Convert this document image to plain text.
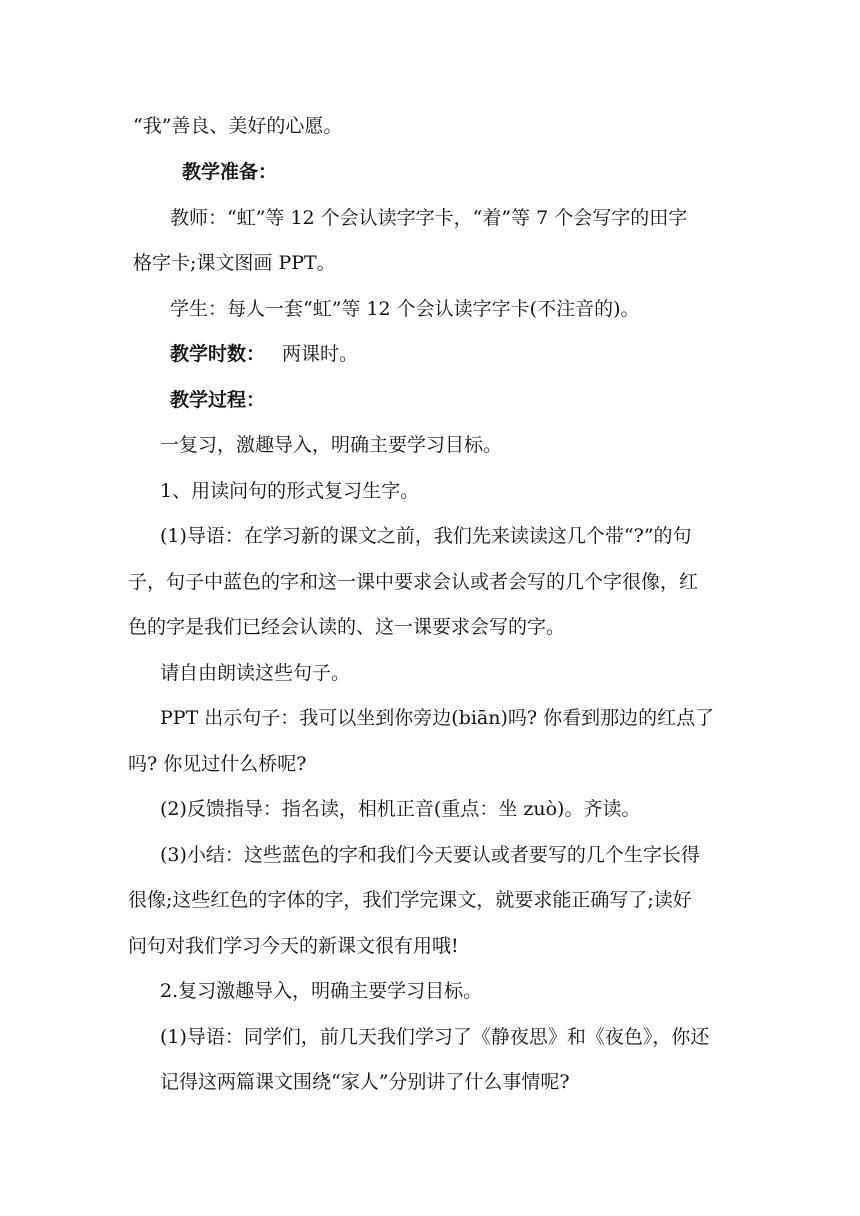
“我”善良、美好的心愿。
教学准备：
教师：“虹”等 12 个会认读字字卡，“着”等 7 个会写字的田字
格字卡;课文图画 PPT。
学生：每人一套“虹”等 12 个会认读字字卡(不注音的)。
教学时数： 两课时。
教学过程：
一复习，激趣导入，明确主要学习目标。
1、用读问句的形式复习生字。
(1)导语：在学习新的课文之前，我们先来读读这几个带“?”的句
子，句子中蓝色的字和这一课中要求会认或者会写的几个字很像，红
色的字是我们已经会认读的、这一课要求会写的字。
请自由朗读这些句子。
PPT 出示句子：我可以坐到你旁边(biān)吗? 你看到那边的红点了
吗? 你见过什么桥呢?
(2)反馈指导：指名读，相机正音(重点：坐 zuò)。齐读。
(3)小结：这些蓝色的字和我们今天要认或者要写的几个生字长得
很像;这些红色的字体的字，我们学完课文，就要求能正确写了;读好
问句对我们学习今天的新课文很有用哦!
2.复习激趣导入，明确主要学习目标。
(1)导语：同学们，前几天我们学习了《静夜思》和《夜色》，你还
记得这两篇课文围绕“家人”分别讲了什么事情呢?
